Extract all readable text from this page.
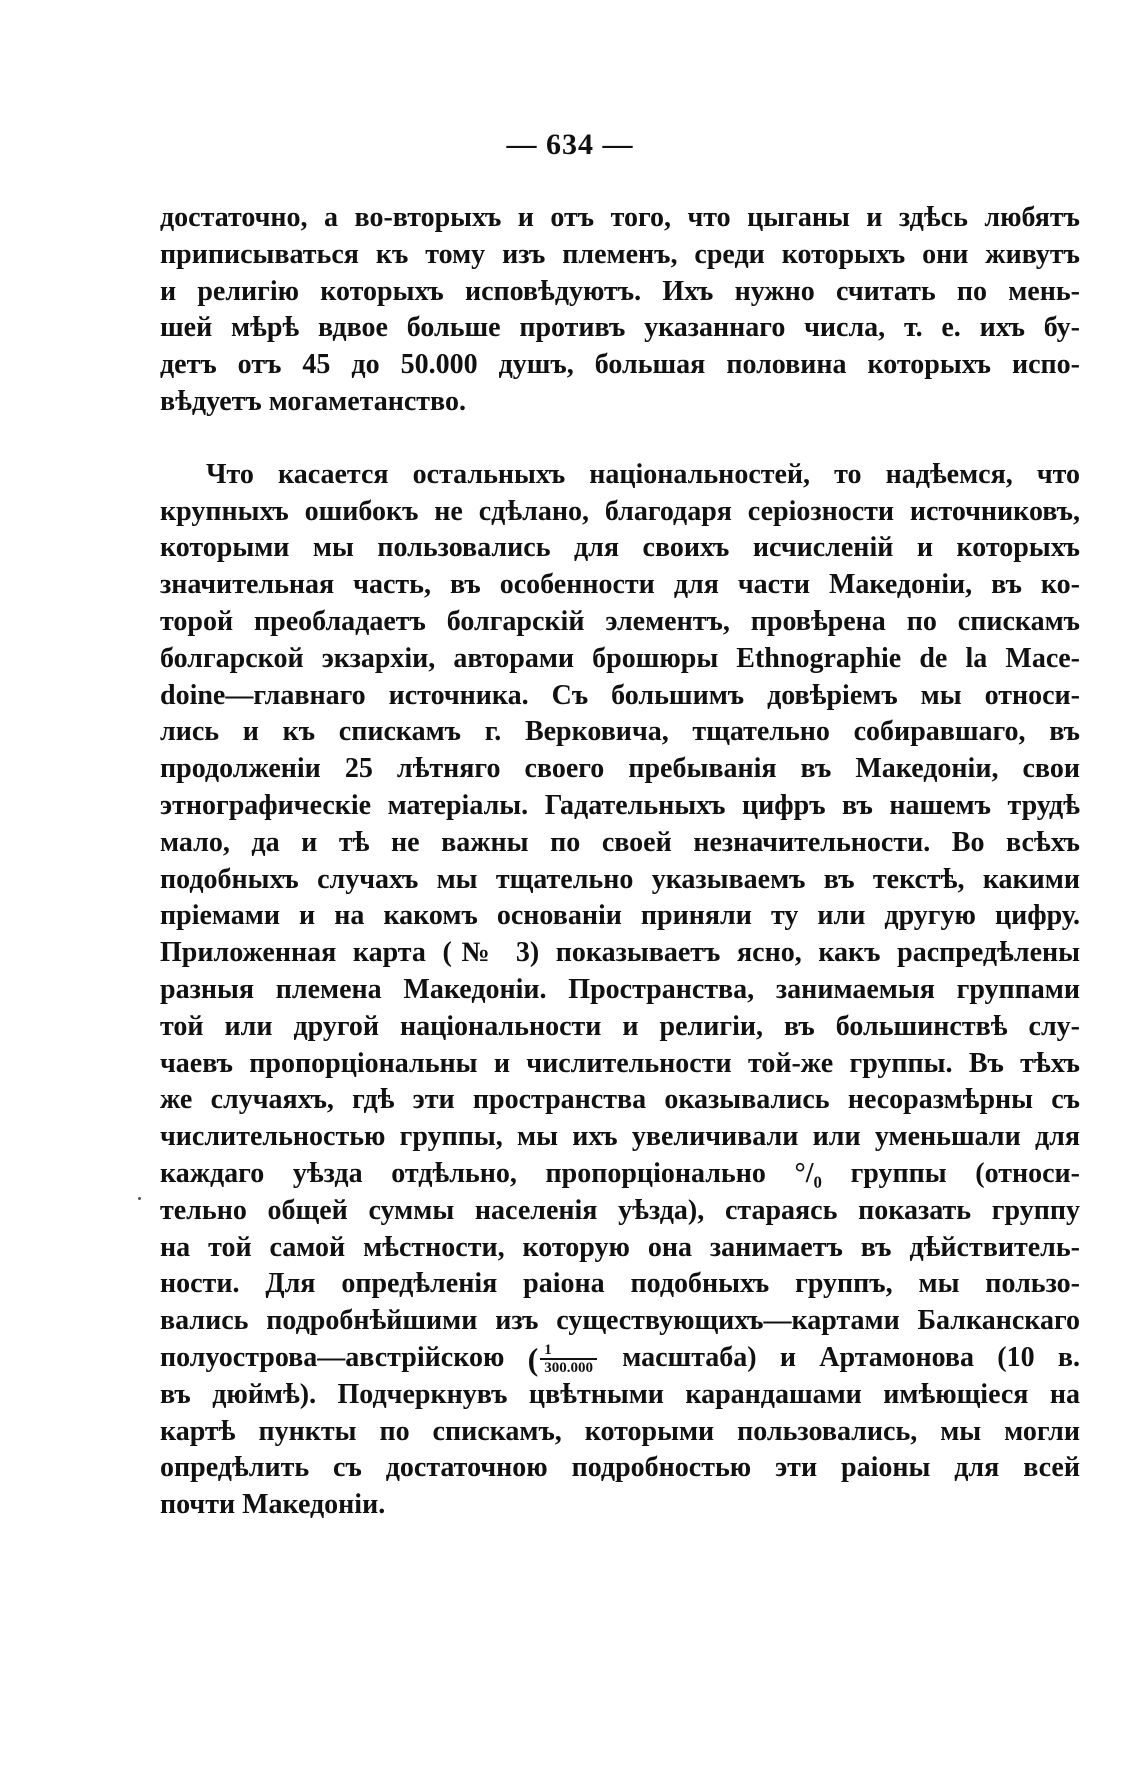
— 634 —
достаточно, а во-вторыхъ и отъ того, что цыганы и здѣсь любятъ
приписываться къ тому изъ племенъ, среди которыхъ они живутъ
и религію которыхъ исповѣдуютъ. Ихъ нужно считать по мень-
шей мѣрѣ вдвое больше противъ указаннаго числа, т. е. ихъ бу-
детъ отъ 45 до 50.000 душъ, большая половина которыхъ испо-
вѣдуетъ могаметанство.
Что касается остальныхъ національностей, то надѣемся, что
крупныхъ ошибокъ не сдѣлано, благодаря серіозности источниковъ,
которыми мы пользовались для своихъ исчисленій и которыхъ
значительная часть, въ особенности для части Македоніи, въ ко-
торой преобладаетъ болгарскій элементъ, провѣрена по спискамъ
болгарской экзархіи, авторами брошюры Ethnographie de la Mace-
doine—главнаго источника. Съ большимъ довѣріемъ мы относи-
лись и къ спискамъ г. Верковича, тщательно собиравшаго, въ
продолженіи 25 лѣтняго своего пребыванія въ Македоніи, свои
этнографическіе матеріалы. Гадательныхъ цифръ въ нашемъ трудѣ
мало, да и тѣ не важны по своей незначительности. Во всѣхъ
подобныхъ случахъ мы тщательно указываемъ въ текстѣ, какими
пріемами и на какомъ основаніи приняли ту или другую цифру.
Приложенная карта (№ 3) показываетъ ясно, какъ распредѣлены
разныя племена Македоніи. Пространства, занимаемыя группами
той или другой національности и религіи, въ большинствѣ слу-
чаевъ пропорціональны и числительности той-же группы. Въ тѣхъ
же случаяхъ, гдѣ эти пространства оказывались несоразмѣрны съ
числительностью группы, мы ихъ увеличивали или уменьшали для
каждаго уѣзда отдѣльно, пропорціонально °/₀ группы (относи-
тельно общей суммы населенія уѣзда), стараясь показать группу
на той самой мѣстности, которую она занимаетъ въ дѣйствитель-
ности. Для опредѣленія раіона подобныхъ группъ, мы пользо-
вались подробнѣйшими изъ существующихъ—картами Балканскаго
полуострова—австрійскою ( $\frac{1}{300.000}$ масштаба) и Артамонова (10 в.
въ дюймѣ). Подчеркнувъ цвѣтными карандашами имѣющіеся на
картѣ пункты по спискамъ, которыми пользовались, мы могли
опредѣлить съ достаточною подробностью эти раіоны для всей
почти Македоніи.
